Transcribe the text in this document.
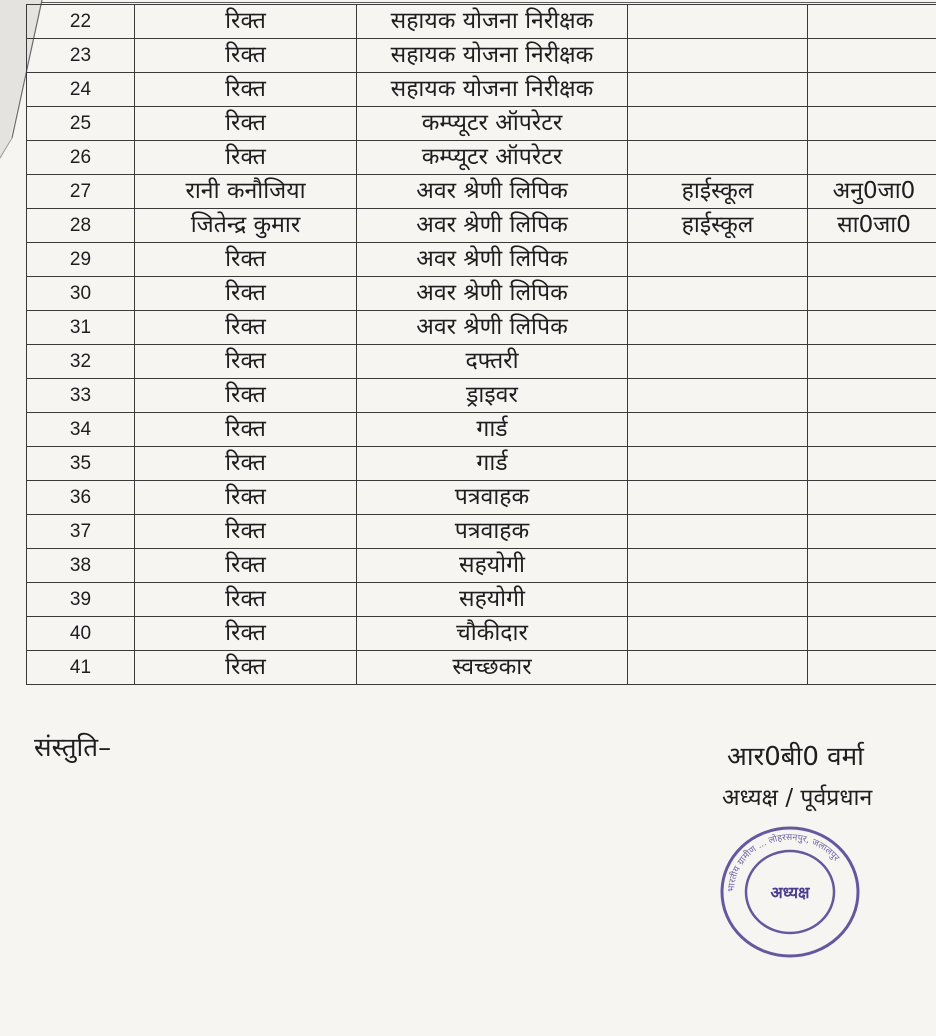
22	रिक्त	सहायक योजना निरीक्षक		
23	रिक्त	सहायक योजना निरीक्षक		
24	रिक्त	सहायक योजना निरीक्षक		
25	रिक्त	कम्प्यूटर ऑपरेटर		
26	रिक्त	कम्प्यूटर ऑपरेटर		
27	रानी कनौजिया	अवर श्रेणी लिपिक	हाईस्कूल	अनु0जा0
28	जितेन्द्र कुमार	अवर श्रेणी लिपिक	हाईस्कूल	सा0जा0
29	रिक्त	अवर श्रेणी लिपिक		
30	रिक्त	अवर श्रेणी लिपिक		
31	रिक्त	अवर श्रेणी लिपिक		
32	रिक्त	दफ्तरी		
33	रिक्त	ड्राइवर		
34	रिक्त	गार्ड		
35	रिक्त	गार्ड		
36	रिक्त	पत्रवाहक		
37	रिक्त	पत्रवाहक		
38	रिक्त	सहयोगी		
39	रिक्त	सहयोगी		
40	रिक्त	चौकीदार		
41	रिक्त	स्वच्छकार		
संस्तुति–	आर0बी0 वर्मा
अध्यक्ष / पूर्वप्रधान
भारतीय ग्रामीण ... लोहरसनपुर, जलालपुर
अध्यक्ष
